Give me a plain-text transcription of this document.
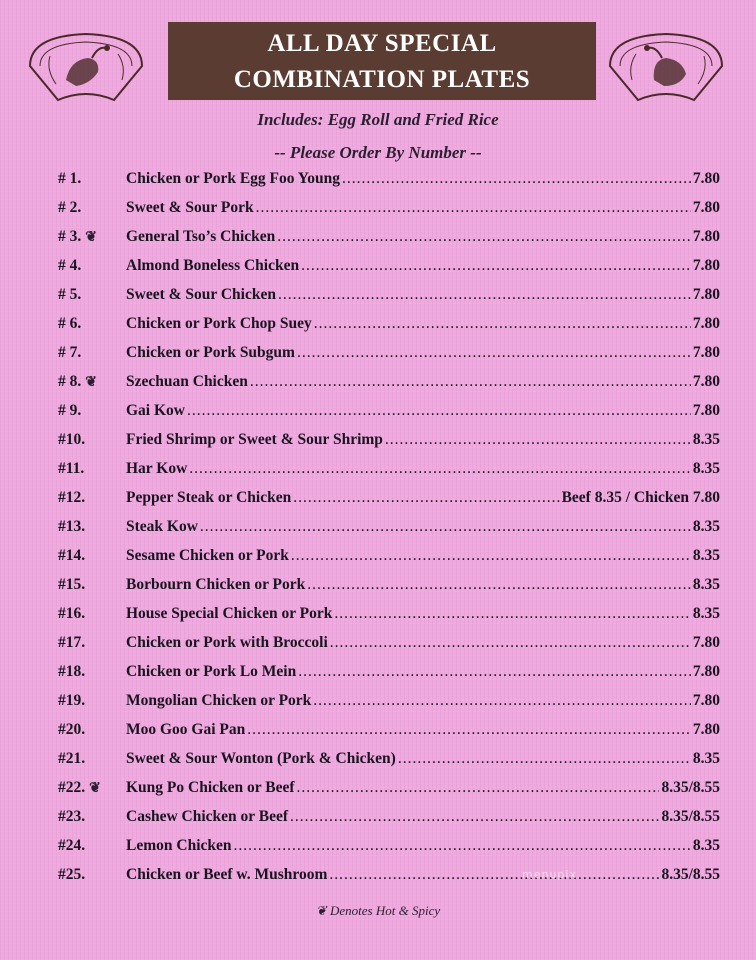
ALL DAY SPECIAL
COMBINATION PLATES
Includes: Egg Roll and Fried Rice
-- Please Order By Number --
# 1.	Chicken or Pork Egg Foo Young .....	7.80
# 2.	Sweet & Sour Pork .....	7.80
# 3. ❦ General Tso’s Chicken .....	7.80
# 4.	Almond Boneless Chicken .....	7.80
# 5.	Sweet & Sour Chicken .....	7.80
# 6.	Chicken or Pork Chop Suey .....	7.80
# 7.	Chicken or Pork Subgum .....	7.80
# 8. ❦ Szechuan Chicken .....	7.80
# 9.	Gai Kow .....	7.80
#10.	Fried Shrimp or Sweet & Sour Shrimp .....	8.35
#11.	Har Kow .....	8.35
#12.	Pepper Steak or Chicken .....	Beef 8.35 / Chicken 7.80
#13.	Steak Kow .....	8.35
#14.	Sesame Chicken or Pork .....	8.35
#15.	Borbourn Chicken or Pork .....	8.35
#16.	House Special Chicken or Pork .....	8.35
#17.	Chicken or Pork with Broccoli .....	7.80
#18.	Chicken or Pork Lo Mein .....	7.80
#19.	Mongolian Chicken or Pork .....	7.80
#20.	Moo Goo Gai Pan .....	7.80
#21.	Sweet & Sour Wonton (Pork & Chicken) .....	8.35
#22. ❦ Kung Po Chicken or Beef .....	8.35/8.55
#23.	Cashew Chicken or Beef .....	8.35/8.55
#24.	Lemon Chicken .....	8.35
#25.	Chicken or Beef w. Mushroom .....	8.35/8.55
❦ Denotes Hot & Spicy
menupix
